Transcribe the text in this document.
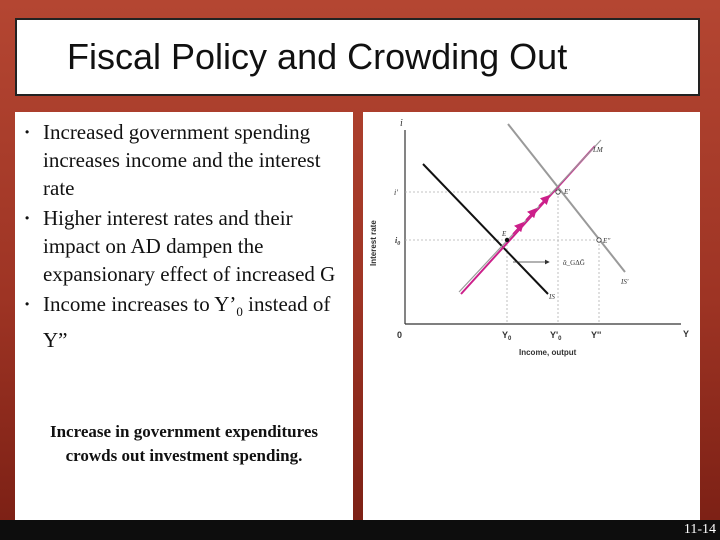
Fiscal Policy and Crowding Out
• Increased government spending increases income and the interest rate
• Higher interest rates and their impact on AD dampen the expansionary effect of increased G
• Income increases to $Y’_0$ instead of Y”
Increase in government expenditures
crowds out investment spending.
i
Y
0
Interest rate
Income, output
ᾱ_GΔḠ
LM
IS
IS'
E
E'
E''
i'
$i_0$
$Y_0$	$Y'_0$	Y''
11-14
